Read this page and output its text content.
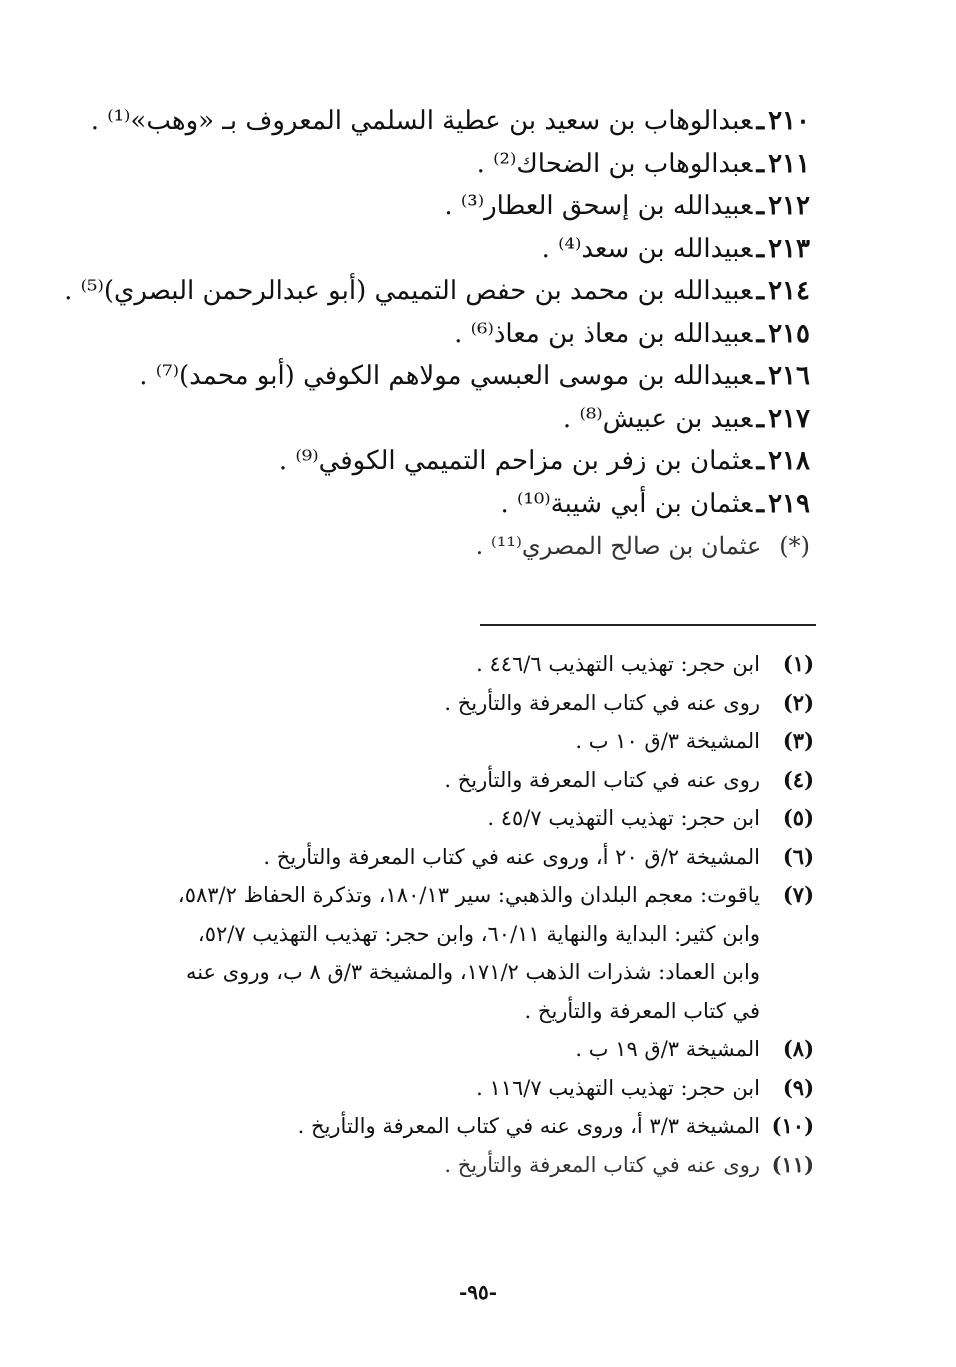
٢١٠ـعبدالوهاب بن سعيد بن عطية السلمي المعروف بـ «وهب»⁽¹⁾ .
٢١١ـعبدالوهاب بن الضحاك⁽²⁾ .
٢١٢ـعبيدالله بن إسحق العطار⁽³⁾ .
٢١٣ـعبيدالله بن سعد⁽⁴⁾ .
٢١٤ـعبيدالله بن محمد بن حفص التميمي (أبو عبدالرحمن البصري)⁽⁵⁾ .
٢١٥ـعبيدالله بن معاذ بن معاذ⁽⁶⁾ .
٢١٦ـعبيدالله بن موسى العبسي مولاهم الكوفي (أبو محمد)⁽⁷⁾ .
٢١٧ـعبيد بن عبيش⁽⁸⁾ .
٢١٨ـعثمان بن زفر بن مزاحم التميمي الكوفي⁽⁹⁾ .
٢١٩ـعثمان بن أبي شيبة⁽¹⁰⁾ .
(*)عثمان بن صالح المصري⁽¹¹⁾ .
(١)
ابن حجر: تهذيب التهذيب ٤٤٦/٦ .
(٢)
روى عنه في كتاب المعرفة والتأريخ .
(٣)
المشيخة ٣/ق ١٠ ب .
(٤)
روى عنه في كتاب المعرفة والتأريخ .
(٥)
ابن حجر: تهذيب التهذيب ٤٥/٧ .
(٦)
المشيخة ٢/ق ٢٠ أ، وروى عنه في كتاب المعرفة والتأريخ .
(٧)
ياقوت: معجم البلدان والذهبي: سير ١٨٠/١٣، وتذكرة الحفاظ ٥٨٣/٢، وابن كثير: البداية والنهاية ٦٠/١١، وابن حجر: تهذيب التهذيب ٥٢/٧، وابن العماد: شذرات الذهب ١٧١/٢، والمشيخة ٣/ق ٨ ب، وروى عنه في كتاب المعرفة والتأريخ .
(٨)
المشيخة ٣/ق ١٩ ب .
(٩)
ابن حجر: تهذيب التهذيب ١١٦/٧ .
(١٠)
المشيخة ٣/٣ أ، وروى عنه في كتاب المعرفة والتأريخ .
(١١)
روى عنه في كتاب المعرفة والتأريخ .
-٩٥-
